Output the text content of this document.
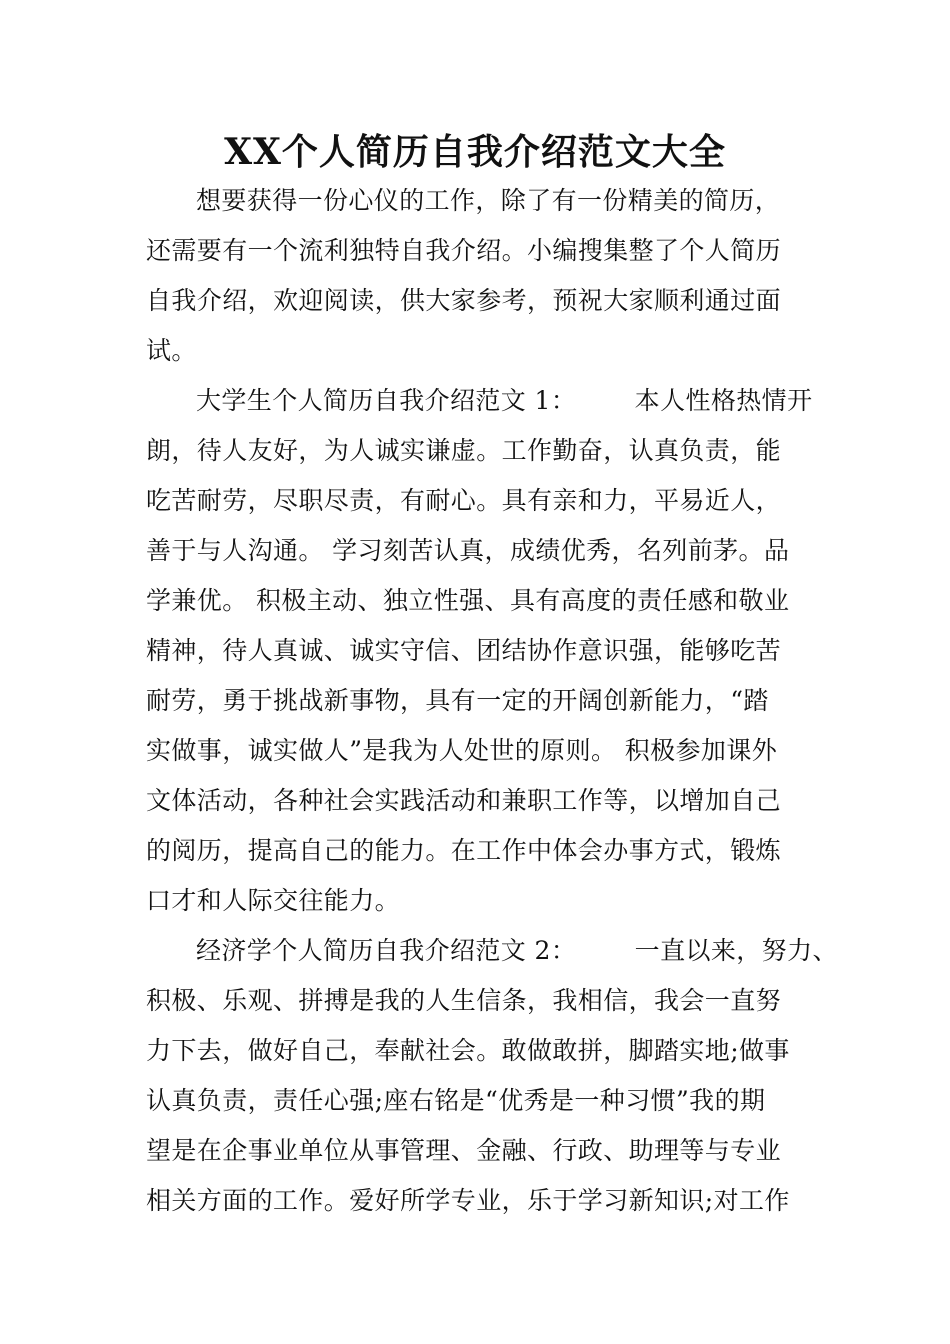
XX个人简历自我介绍范文大全
想要获得一份心仪的工作，除了有一份精美的简历，
还需要有一个流利独特自我介绍。小编搜集整了个人简历
自我介绍，欢迎阅读，供大家参考，预祝大家顺利通过面
试。
大学生个人简历自我介绍范文 1：       本人性格热情开
朗，待人友好，为人诚实谦虚。工作勤奋，认真负责，能
吃苦耐劳，尽职尽责，有耐心。具有亲和力，平易近人，
善于与人沟通。 学习刻苦认真，成绩优秀，名列前茅。品
学兼优。 积极主动、独立性强、具有高度的责任感和敬业
精神，待人真诚、诚实守信、团结协作意识强，能够吃苦
耐劳，勇于挑战新事物，具有一定的开阔创新能力，“踏
实做事，诚实做人”是我为人处世的原则。 积极参加课外
文体活动，各种社会实践活动和兼职工作等，以增加自己
的阅历，提高自己的能力。在工作中体会办事方式，锻炼
口才和人际交往能力。
经济学个人简历自我介绍范文 2：       一直以来，努力、
积极、乐观、拼搏是我的人生信条，我相信，我会一直努
力下去，做好自己，奉献社会。敢做敢拼，脚踏实地;做事
认真负责，责任心强;座右铭是“优秀是一种习惯”我的期
望是在企事业单位从事管理、金融、行政、助理等与专业
相关方面的工作。爱好所学专业，乐于学习新知识;对工作
